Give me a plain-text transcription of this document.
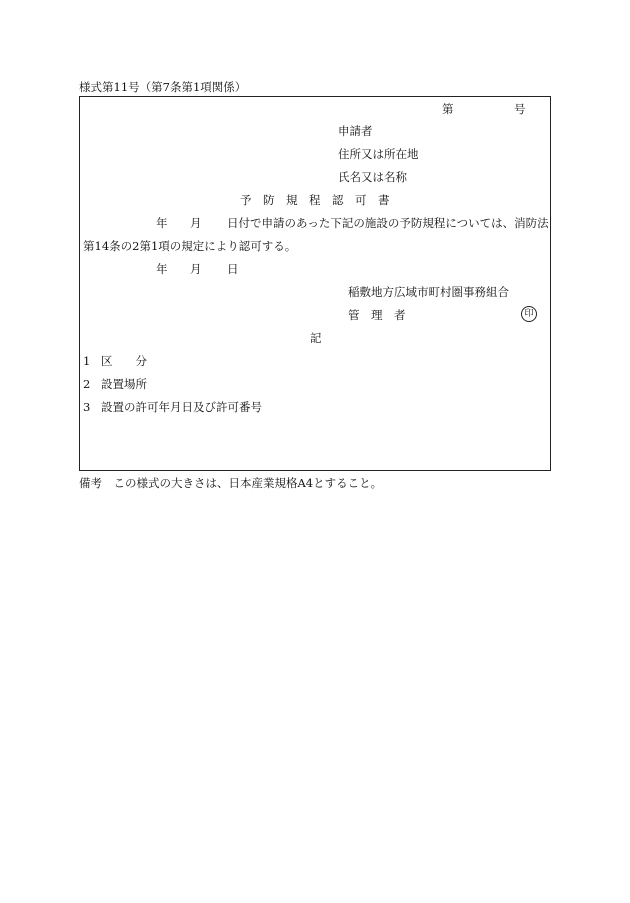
様式第11号（第7条第1項関係）
第	号
申請者
住所又は所在地
氏名又は名称
予　防　規　程　認　可　書
年 月 日付で申請のあった下記の施設の予防規程については、消防法
第14条の2第1項の規定により認可する。
年 月 日
稲敷地方広域市町村圏事務組合
管　理　者	印
記
1 区　　分
2 設置場所
3 設置の許可年月日及び許可番号
備考　この様式の大きさは、日本産業規格A4とすること。
